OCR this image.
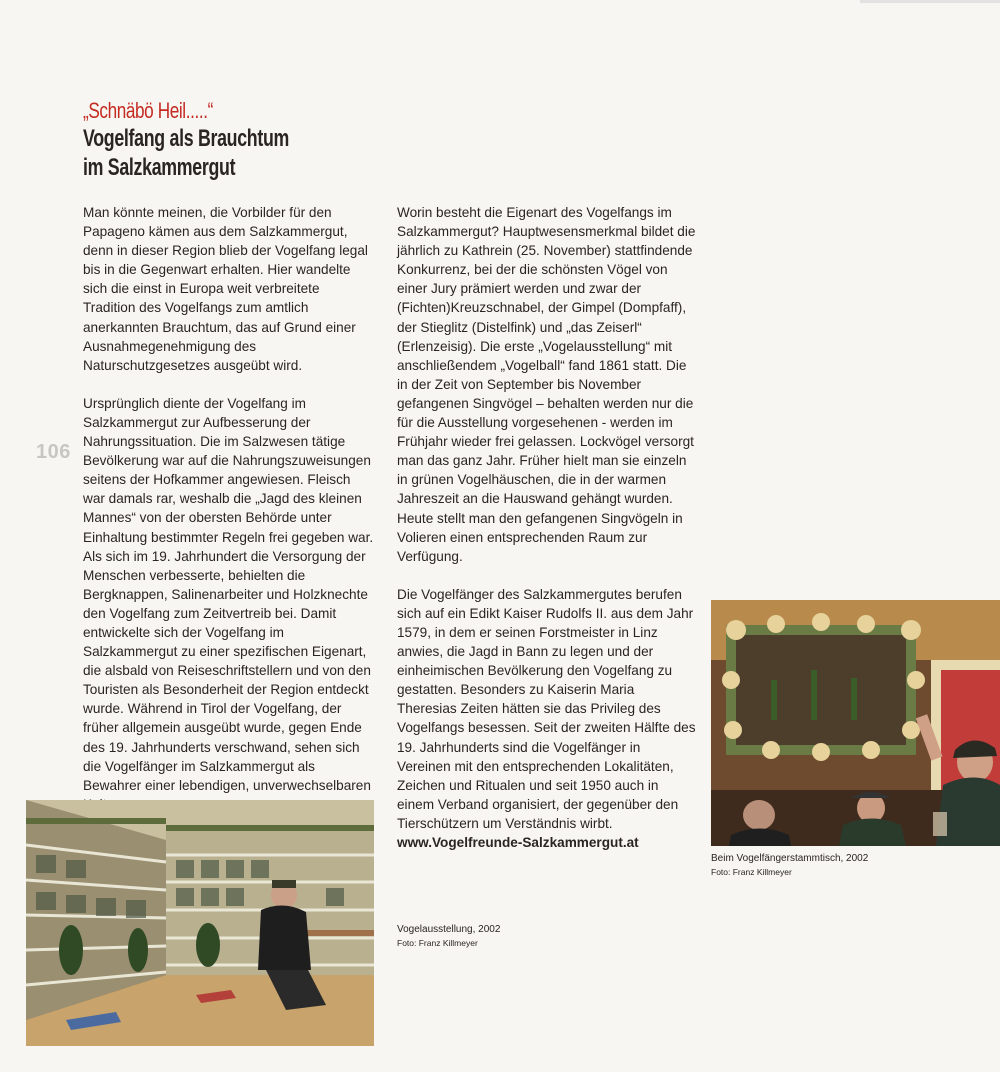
„Schnäbö Heil.....“
Vogelfang als Brauchtum
im Salzkammergut
106

Man könnte meinen, die Vorbilder für den Papageno kämen aus dem Salzkammergut, denn in dieser Region blieb der Vogelfang legal bis in die Gegenwart erhalten. Hier wandelte sich die einst in Europa weit verbreitete Tradition des Vogelfangs zum amtlich anerkannten Brauchtum, das auf Grund einer Ausnahmegenehmigung des Naturschutzgesetzes ausgeübt wird.

Ursprünglich diente der Vogelfang im Salzkammergut zur Aufbesserung der Nahrungssituation. Die im Salzwesen tätige Bevölkerung war auf die Nahrungszuweisungen seitens der Hofkammer angewiesen. Fleisch war damals rar, weshalb die „Jagd des kleinen Mannes“ von der obersten Behörde unter Einhaltung bestimmter Regeln frei gegeben war.

Als sich im 19. Jahrhundert die Versorgung der Menschen verbesserte, behielten die Bergknappen, Salinenarbeiter und Holzknechte den Vogelfang zum Zeitvertreib bei. Damit entwickelte sich der Vogelfang im Salzkammergut zu einer spezifischen Eigenart, die alsbald von Reiseschriftstellern und von den Touristen als Besonderheit der Region entdeckt wurde. Während in Tirol der Vogelfang, der früher allgemein ausgeübt wurde, gegen Ende des 19. Jahrhunderts verschwand, sehen sich die Vogelfänger im Salzkammergut als Bewahrer einer lebendigen, unverwechselbaren

Worin besteht die Eigenart des Vogelfangs im Salzkammergut? Hauptwesensmerkmal bildet die jährlich zu Kathrein (25. November) stattfindende Konkurrenz, bei der die schönsten Vögel von einer Jury prämiert werden und zwar der (Fichten)Kreuzschnabel, der Gimpel (Dompfaff), der Stieglitz (Distelfink) und „das Zeiserl“ (Erlenzeisig). Die erste „Vogelausstellung“ mit anschließendem „Vogelball“ fand 1861 statt. Die in der Zeit von September bis November gefangenen Singvögel – behalten werden nur die für die Ausstellung vorgesehenen - werden im Frühjahr wieder frei gelassen. Lockvögel versorgt man das ganz Jahr. Früher hielt man sie einzeln in grünen Vogelhäuschen, die in der warmen Jahreszeit an die Hauswand gehängt wurden. Heute stellt man den gefangenen Singvögeln in Volieren einen entsprechenden Raum zur Verfügung.

Die Vogelfänger des Salzkammergutes berufen sich auf ein Edikt Kaiser Rudolfs II. aus dem Jahr 1579, in dem er seinen Forstmeister in Linz anwies, die Jagd in Bann zu legen und der einheimischen Bevölkerung den Vogelfang zu gestatten. Besonders zu Kaiserin Maria Theresias Zeiten hätten sie das Privileg des Vogelfangs besessen. Seit der zweiten Hälfte des 19. Jahrhunderts sind die Vogelfänger in Vereinen mit den entsprechenden Lokalitäten, Zeichen und Ritualen und seit 1950 auch in einem Verband organisiert, der gegenüber den Tierschützern um Verständnis wirbt.

www.Vogelfreunde-Salzkammergut.at

Vogelausstellung, 2002
Foto: Franz Killmeyer
Beim Vogelfängerstammtisch, 2002
Foto: Franz Killmeyer
